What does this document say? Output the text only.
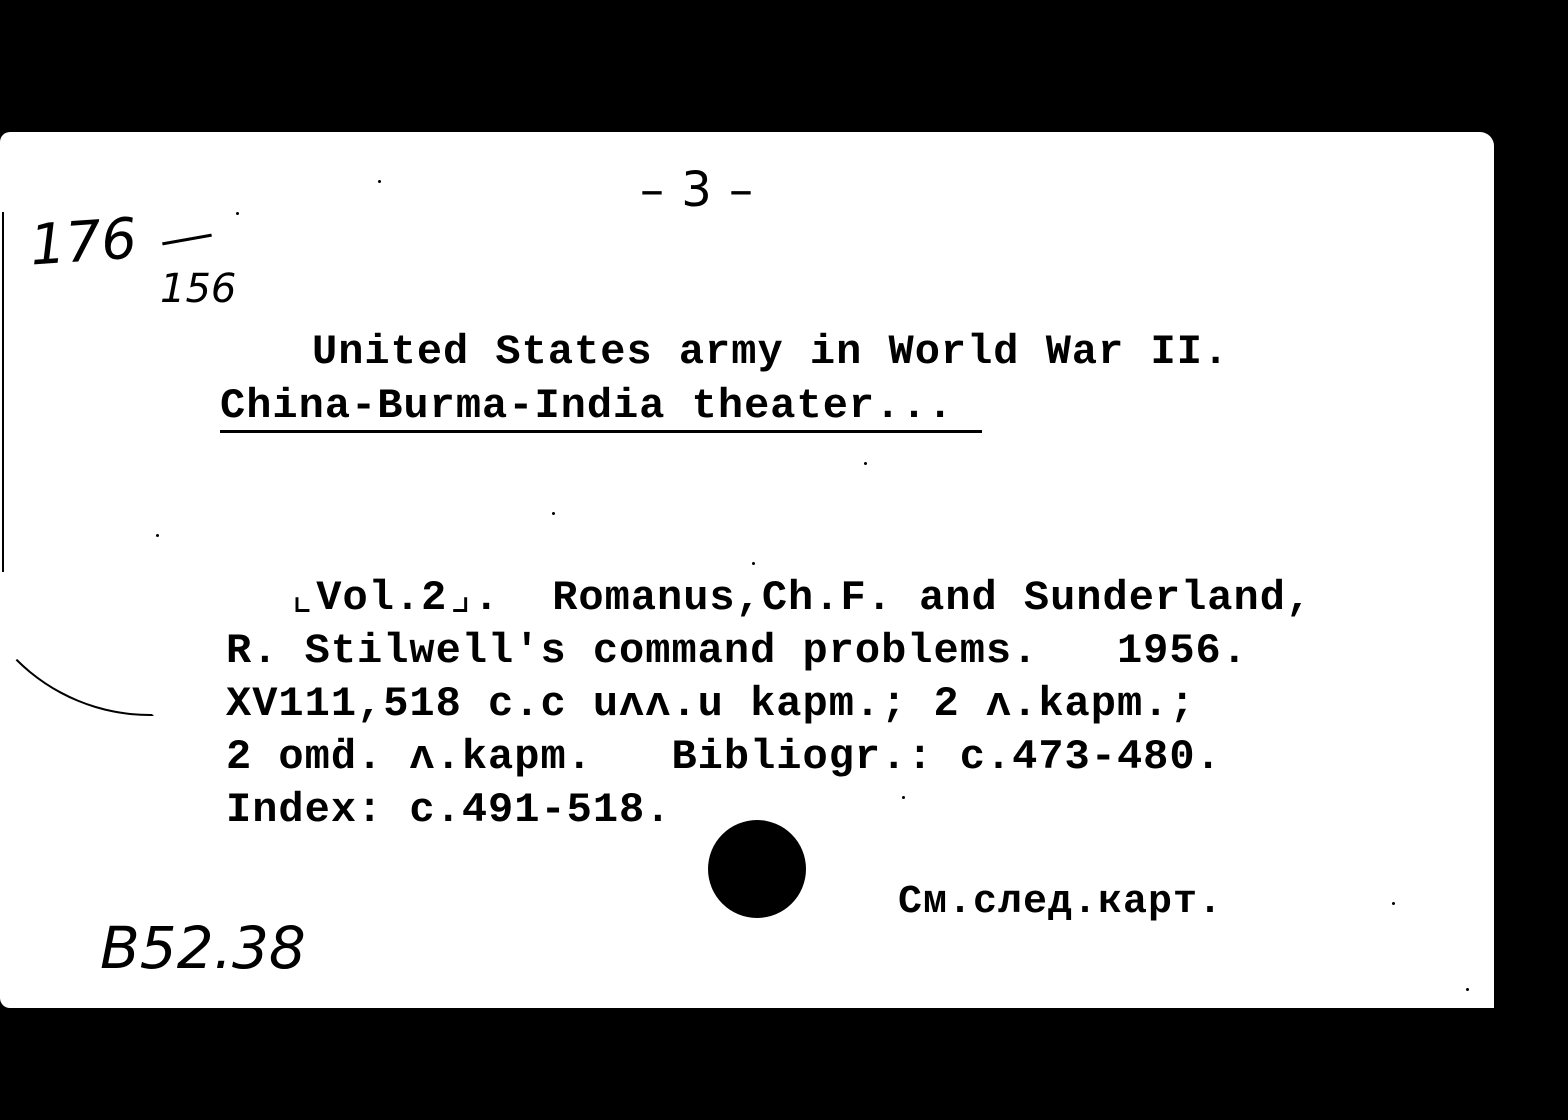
– 3 –
176
156
United States army in World War II.
China-Burma-India theater...
⌞Vol.2⌟.  Romanus,Ch.F. and Sunderland,
R. Stilwell's command problems.   1956.
XV111,518 c.c uʌʌ.u kapm.; 2 ʌ.kapm.;
2 omḋ. ʌ.kapm.   Bibliogr.: c.473-480.
Index: c.491-518.
См.след.карт.
B52.38
